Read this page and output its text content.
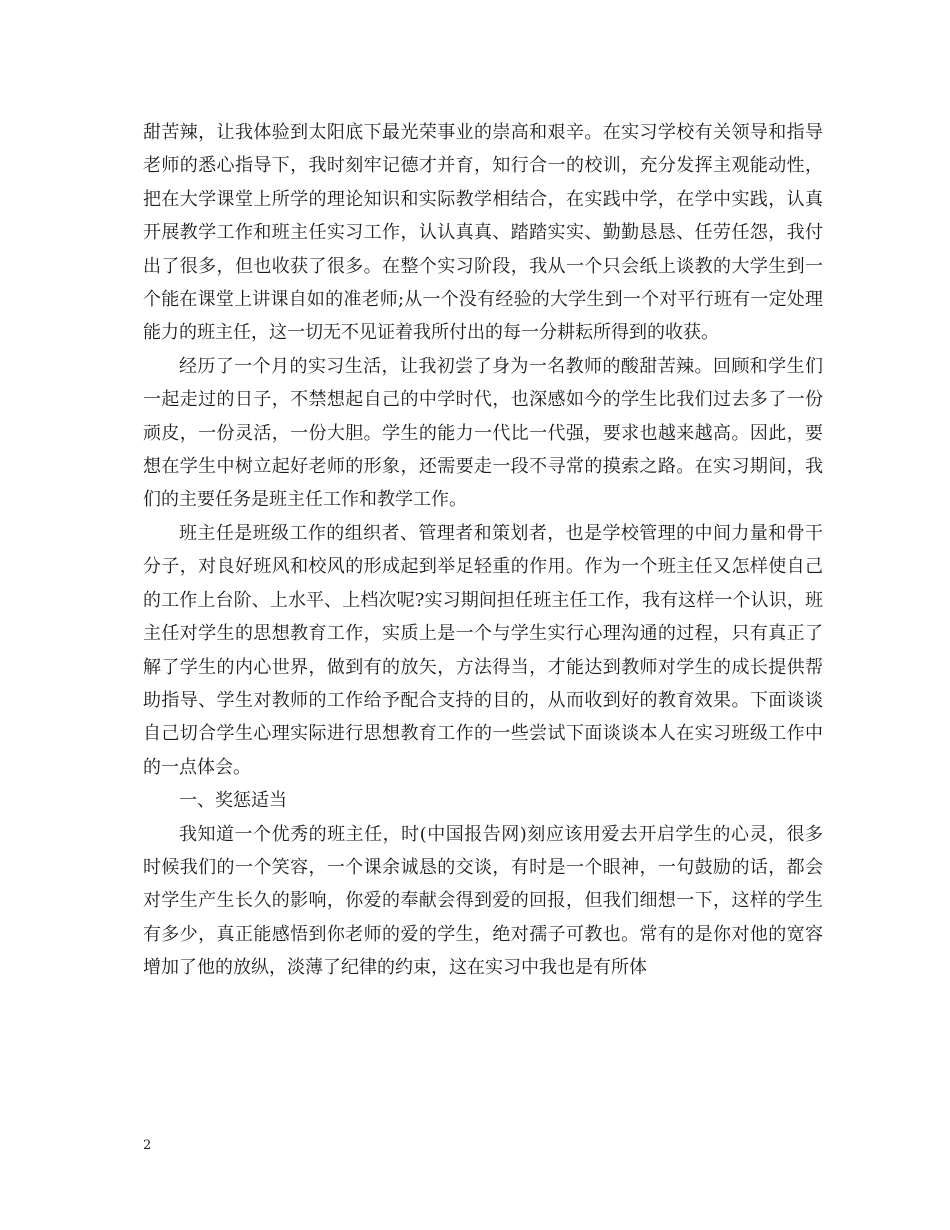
甜苦辣，让我体验到太阳底下最光荣事业的崇高和艰辛。在实习学校有关领导和指导老师的悉心指导下，我时刻牢记德才并育，知行合一的校训，充分发挥主观能动性，把在大学课堂上所学的理论知识和实际教学相结合，在实践中学，在学中实践，认真开展教学工作和班主任实习工作，认认真真、踏踏实实、勤勤恳恳、任劳任怨，我付出了很多，但也收获了很多。在整个实习阶段，我从一个只会纸上谈教的大学生到一个能在课堂上讲课自如的准老师;从一个没有经验的大学生到一个对平行班有一定处理能力的班主任，这一切无不见证着我所付出的每一分耕耘所得到的收获。

经历了一个月的实习生活，让我初尝了身为一名教师的酸甜苦辣。回顾和学生们一起走过的日子，不禁想起自己的中学时代，也深感如今的学生比我们过去多了一份顽皮，一份灵活，一份大胆。学生的能力一代比一代强，要求也越来越高。因此，要想在学生中树立起好老师的形象，还需要走一段不寻常的摸索之路。在实习期间，我们的主要任务是班主任工作和教学工作。

班主任是班级工作的组织者、管理者和策划者，也是学校管理的中间力量和骨干分子，对良好班风和校风的形成起到举足轻重的作用。作为一个班主任又怎样使自己的工作上台阶、上水平、上档次呢?实习期间担任班主任工作，我有这样一个认识，班主任对学生的思想教育工作，实质上是一个与学生实行心理沟通的过程，只有真正了解了学生的内心世界，做到有的放矢，方法得当，才能达到教师对学生的成长提供帮助指导、学生对教师的工作给予配合支持的目的，从而收到好的教育效果。下面谈谈自己切合学生心理实际进行思想教育工作的一些尝试下面谈谈本人在实习班级工作中的一点体会。

一、奖惩适当

我知道一个优秀的班主任，时(中国报告网)刻应该用爱去开启学生的心灵，很多时候我们的一个笑容，一个课余诚恳的交谈，有时是一个眼神，一句鼓励的话，都会对学生产生长久的影响，你爱的奉献会得到爱的回报，但我们细想一下，这样的学生有多少，真正能感悟到你老师的爱的学生，绝对孺子可教也。常有的是你对他的宽容增加了他的放纵，淡薄了纪律的约束，这在实习中我也是有所体

2
